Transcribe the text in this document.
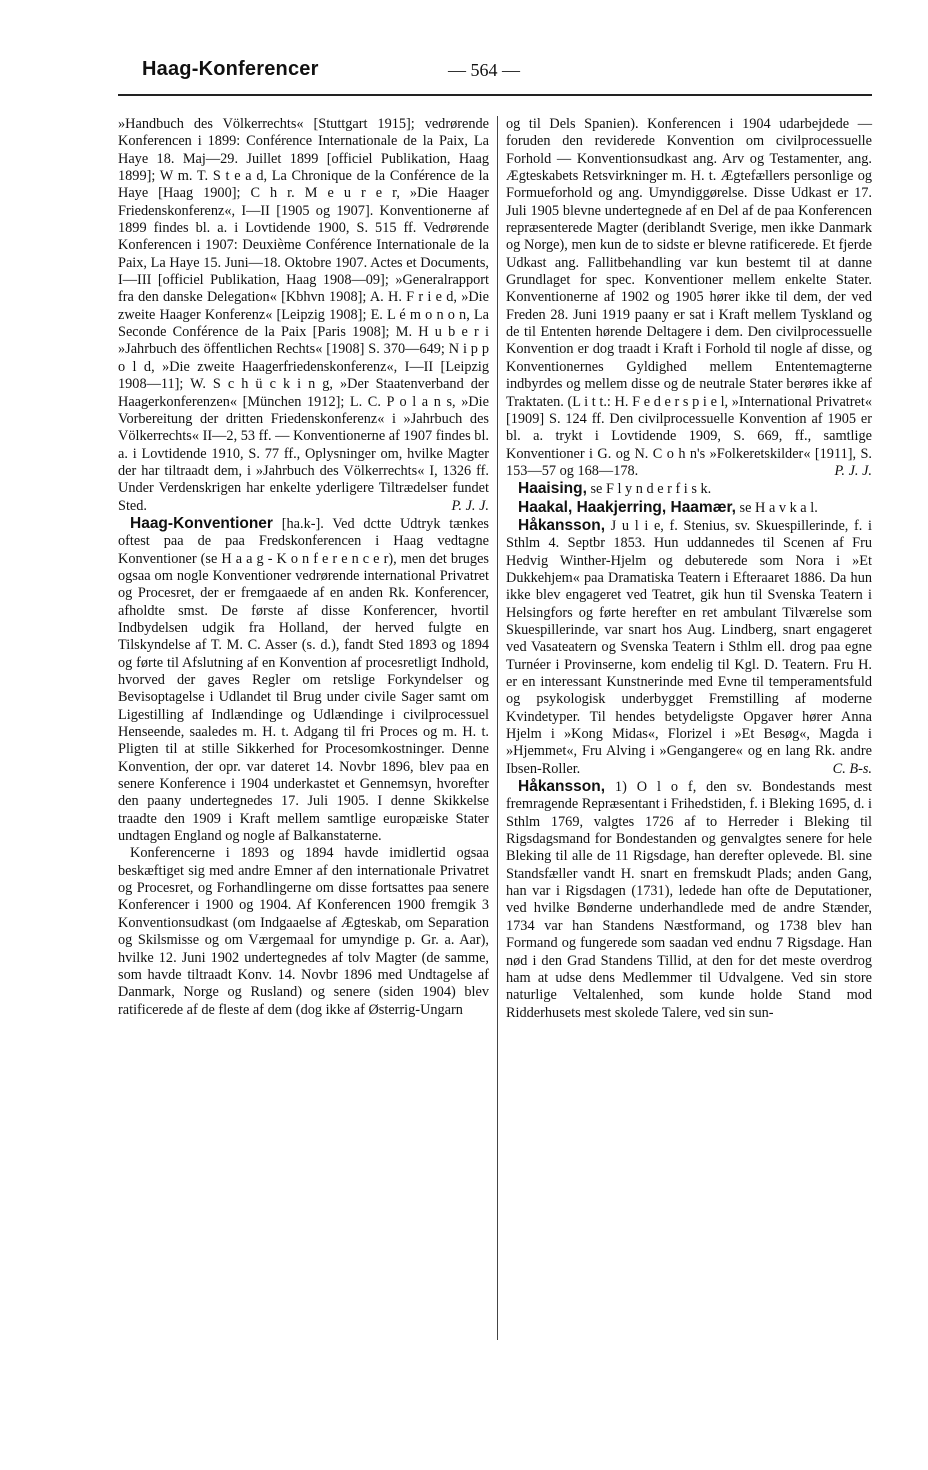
Haag-Konferencer	— 564 —

»Handbuch des Völkerrechts« [Stuttgart 1915]; vedrørende Konferencen i 1899: Conférence Internationale de la Paix, La Haye 18. Maj—29. Juillet 1899 [officiel Publikation, Haag 1899]; W m. T. S t e a d, La Chronique de la Conférence de la Haye [Haag 1900]; C h r. M e u r e r, »Die Haager Friedenskonferenz«, I—II [1905 og 1907]. Konventionerne af 1899 findes bl. a. i Lovtidende 1900, S. 515 ff. Vedrørende Konferencen i 1907: Deuxième Conférence Internationale de la Paix, La Haye 15. Juni—18. Oktobre 1907. Actes et Documents, I—III [officiel Publikation, Haag 1908—09]; »Generalrapport fra den danske Delegation« [Kbhvn 1908]; A. H. F r i e d, »Die zweite Haager Konferenz« [Leipzig 1908]; E. L é m o n o n, La Seconde Conférence de la Paix [Paris 1908]; M. H u b e r i »Jahrbuch des öffentlichen Rechts« [1908] S. 370—649; N i p p o l d, »Die zweite Haagerfriedenskonferenz«, I—II [Leipzig 1908—11]; W. S c h ü c k i n g, »Der Staatenverband der Haagerkonferenzen« [München 1912]; L. C. P o l a n s, »Die Vorbereitung der dritten Friedenskonferenz« i »Jahrbuch des Völkerrechts« II—2, 53 ff. — Konventionerne af 1907 findes bl. a. i Lovtidende 1910, S. 77 ff., Oplysninger om, hvilke Magter der har tiltraadt dem, i »Jahrbuch des Völkerrechts« I, 1326 ff. Under Verdenskrigen har enkelte yderligere Tiltrædelser fundet Sted.	P. J. J.

Haag-Konventioner [ha.k-]. Ved dctte Udtryk tænkes oftest paa de paa Fredskonferencen i Haag vedtagne Konventioner (se H a a g - K o n f e r e n c e r), men det bruges ogsaa om nogle Konventioner vedrørende international Privatret og Procesret, der er fremgaaede af en anden Rk. Konferencer, afholdte smst. De første af disse Konferencer, hvortil Indbydelsen udgik fra Holland, der herved fulgte en Tilskyndelse af T. M. C. Asser (s. d.), fandt Sted 1893 og 1894 og førte til Afslutning af en Konvention af procesretligt Indhold, hvorved der gaves Regler om retslige Forkyndelser og Bevisoptagelse i Udlandet til Brug under civile Sager samt om Ligestilling af Indlændinge og Udlændinge i civilprocessuel Henseende, saaledes m. H. t. Adgang til fri Proces og m. H. t. Pligten til at stille Sikkerhed for Procesomkostninger. Denne Konvention, der opr. var dateret 14. Novbr 1896, blev paa en senere Konference i 1904 underkastet et Gennemsyn, hvorefter den paany undertegnedes 17. Juli 1905. I denne Skikkelse traadte den 1909 i Kraft mellem samtlige europæiske Stater undtagen England og nogle af Balkanstaterne.

Konferencerne i 1893 og 1894 havde imidlertid ogsaa beskæftiget sig med andre Emner af den internationale Privatret og Procesret, og Forhandlingerne om disse fortsattes paa senere Konferencer i 1900 og 1904. Af Konferencen 1900 fremgik 3 Konventionsudkast (om Indgaaelse af Ægteskab, om Separation og Skilsmisse og om Værgemaal for umyndige p. Gr. a. Aar), hvilke 12. Juni 1902 undertegnedes af tolv Magter (de samme, som havde tiltraadt Konv. 14. Novbr 1896 med Undtagelse af Danmark, Norge og Rusland) og senere (siden 1904) blev ratificerede af de fleste af dem (dog ikke af Østerrig-Ungarn

og til Dels Spanien). Konferencen i 1904 udarbejdede — foruden den reviderede Konvention om civilprocessuelle Forhold — Konventionsudkast ang. Arv og Testamenter, ang. Ægteskabets Retsvirkninger m. H. t. Ægtefællers personlige og Formueforhold og ang. Umyndiggørelse. Disse Udkast er 17. Juli 1905 blevne undertegnede af en Del af de paa Konferencen repræsenterede Magter (deriblandt Sverige, men ikke Danmark og Norge), men kun de to sidste er blevne ratificerede. Et fjerde Udkast ang. Fallitbehandling var kun bestemt til at danne Grundlaget for spec. Konventioner mellem enkelte Stater. Konventionerne af 1902 og 1905 hører ikke til dem, der ved Freden 28. Juni 1919 paany er sat i Kraft mellem Tyskland og de til Ententen hørende Deltagere i dem. Den civilprocessuelle Konvention er dog traadt i Kraft i Forhold til nogle af disse, og Konventionernes Gyldighed mellem Ententemagterne indbyrdes og mellem disse og de neutrale Stater berøres ikke af Traktaten. (L i t t.: H. F e d e r s p i e l, »International Privatret« [1909] S. 124 ff. Den civilprocessuelle Konvention af 1905 er bl. a. trykt i Lovtidende 1909, S. 669, ff., samtlige Konventioner i G. og N. C o h n's »Folkeretskilder« [1911], S. 153—57 og 168—178.	P. J. J.

Haaising, se F l y n d e r f i s k.

Haakal, Haakjerring, Haamær, se H a v k a l.

Håkansson, J u l i e, f. Stenius, sv. Skuespillerinde, f. i Sthlm 4. Septbr 1853. Hun uddannedes til Scenen af Fru Hedvig Winther-Hjelm og debuterede som Nora i »Et Dukkehjem« paa Dramatiska Teatern i Efteraaret 1886. Da hun ikke blev engageret ved Teatret, gik hun til Svenska Teatern i Helsingfors og førte herefter en ret ambulant Tilværelse som Skuespillerinde, var snart hos Aug. Lindberg, snart engageret ved Vasateatern og Svenska Teatern i Sthlm ell. drog paa egne Turnéer i Provinserne, kom endelig til Kgl. D. Teatern. Fru H. er en interessant Kunstnerinde med Evne til temperamentsfuld og psykologisk underbygget Fremstilling af moderne Kvindetyper. Til hendes betydeligste Opgaver hører Anna Hjelm i »Kong Midas«, Florizel i »Et Besøg«, Magda i »Hjemmet«, Fru Alving i »Gengangere« og en lang Rk. andre Ibsen-Roller.	C. B-s.

Håkansson, 1) O l o f, den sv. Bondestands mest fremragende Repræsentant i Frihedstiden, f. i Bleking 1695, d. i Sthlm 1769, valgtes 1726 af to Herreder i Bleking til Rigsdagsmand for Bondestanden og genvalgtes senere for hele Bleking til alle de 11 Rigsdage, han derefter oplevede. Bl. sine Standsfæller vandt H. snart en fremskudt Plads; anden Gang, han var i Rigsdagen (1731), ledede han ofte de Deputationer, ved hvilke Bønderne underhandlede med de andre Stænder, 1734 var han Standens Næstformand, og 1738 blev han Formand og fungerede som saadan ved endnu 7 Rigsdage. Han nød i den Grad Standens Tillid, at den for det meste overdrog ham at udse dens Medlemmer til Udvalgene. Ved sin store naturlige Veltalenhed, som kunde holde Stand mod Ridderhusets mest skolede Talere, ved sin sun-
